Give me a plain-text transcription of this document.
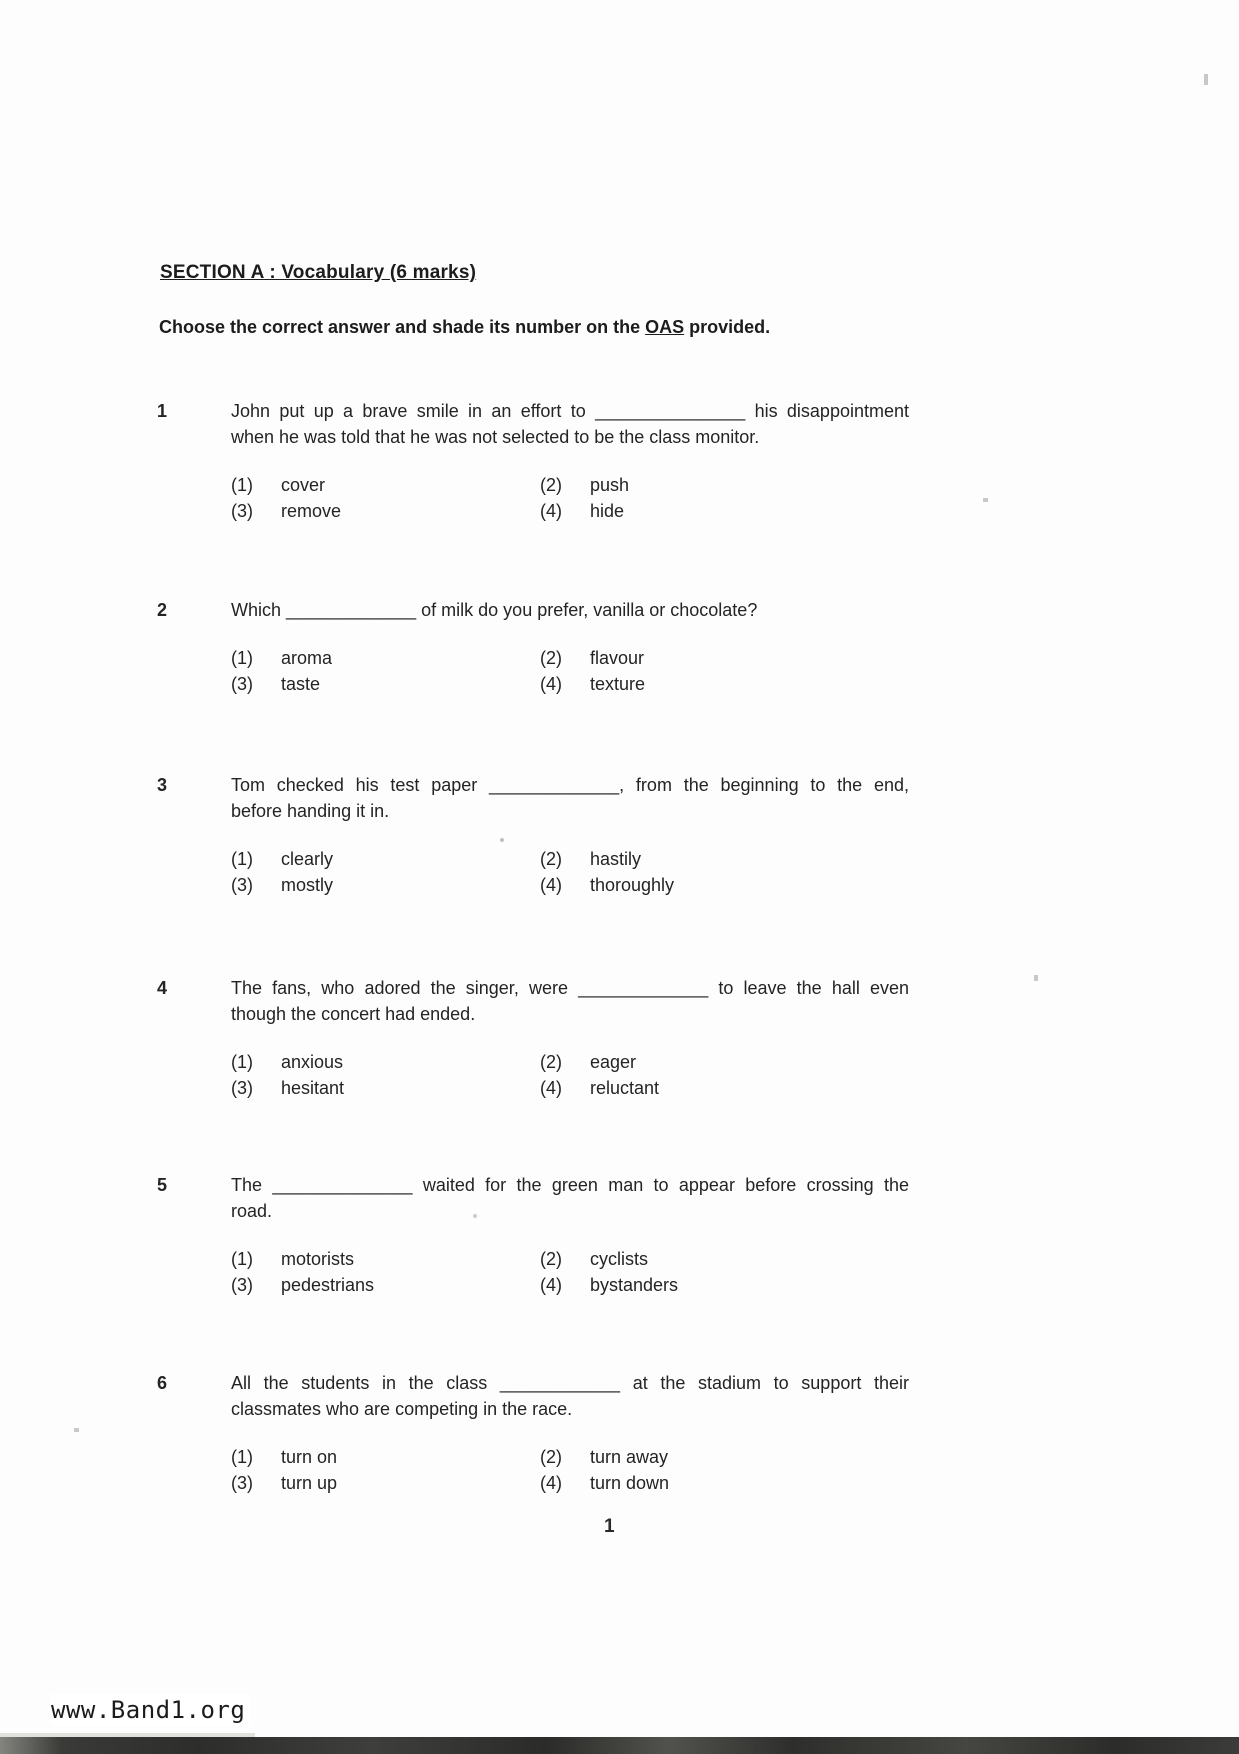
SECTION A : Vocabulary (6 marks)
Choose the correct answer and shade its number on the OAS provided.
1	John put up a brave smile in an effort to _______________ his disappointment
when he was told that he was not selected to be the class monitor.
(1)	cover	(2)	push
(3)	remove	(4)	hide
2	Which _____________ of milk do you prefer, vanilla or chocolate?
(1)	aroma	(2)	flavour
(3)	taste	(4)	texture
3	Tom checked his test paper _____________, from the beginning to the end,
before handing it in.
(1)	clearly	(2)	hastily
(3)	mostly	(4)	thoroughly
4	The fans, who adored the singer, were _____________ to leave the hall even
though the concert had ended.
(1)	anxious	(2)	eager
(3)	hesitant	(4)	reluctant
5	The ______________ waited for the green man to appear before crossing the
road.
(1)	motorists	(2)	cyclists
(3)	pedestrians	(4)	bystanders
6	All the students in the class ____________ at the stadium to support their
classmates who are competing in the race.
(1)	turn on	(2)	turn away
(3)	turn up	(4)	turn down
1
www.Band1.org
